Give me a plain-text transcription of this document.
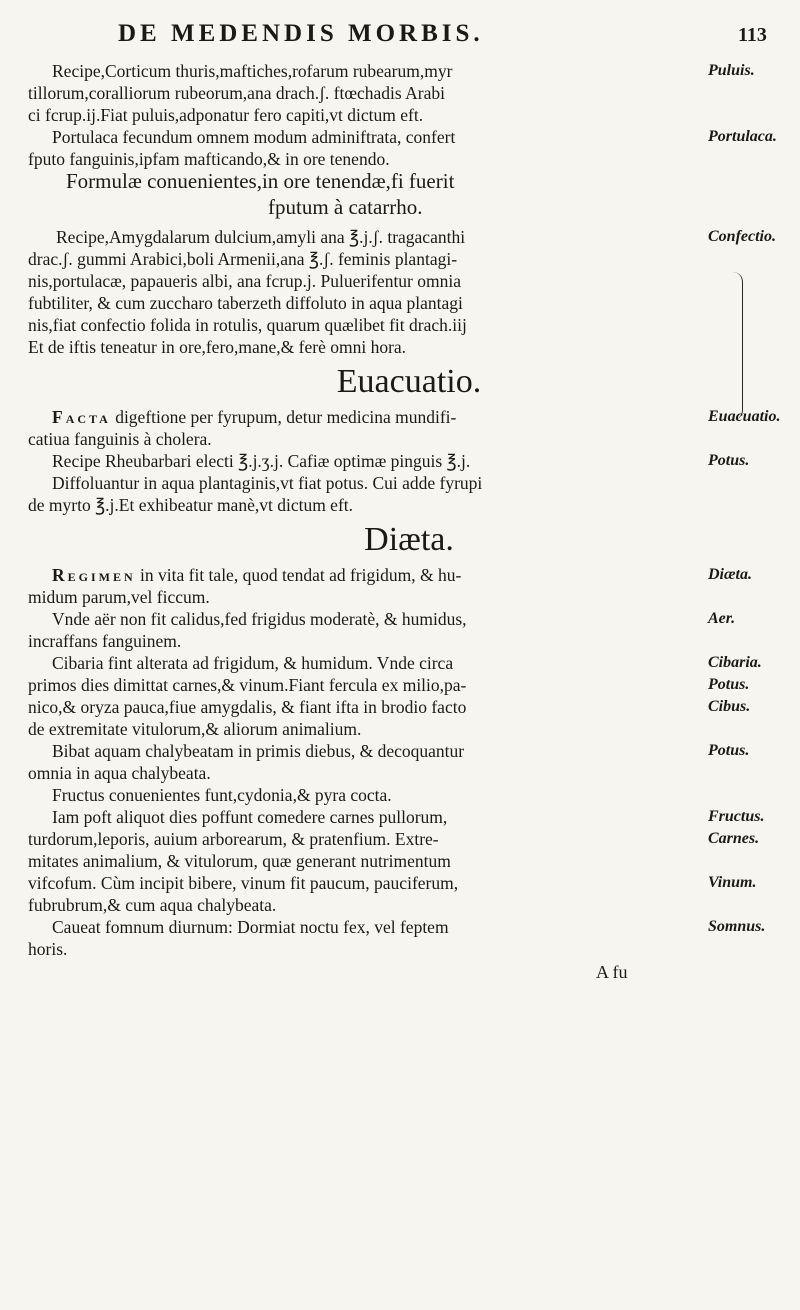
DE MEDENDIS MORBIS.	113
Recipe,Corticum thuris,maftiches,rofarum rubearum,myr	Puluis.
tillorum,coralliorum rubeorum,ana drach.ʃ. ftœchadis Arabi
ci fcrup.ij.Fiat puluis,adponatur fero capiti,vt dictum eft.
Portulaca fecundum omnem modum adminiftrata, confert	Portulaca.
fputo fanguinis,ipfam mafticando,& in ore tenendo.
Formulæ conuenientes,in ore tenendæ,fi fuerit
fputum à catarrho.
Recipe,Amygdalarum dulcium,amyli ana ℥.j.ʃ. tragacanthi	Confectio.
drac.ʃ. gummi Arabici,boli Armenii,ana ℥.ʃ. feminis plantagi-
nis,portulacæ, papaueris albi, ana fcrup.j. Puluerifentur omnia
fubtiliter, & cum zuccharo taberzeth diffoluto in aqua plantagi
nis,fiat confectio folida in rotulis, quarum quælibet fit drach.iij
Et de iftis teneatur in ore,fero,mane,& ferè omni hora.
Euacuatio.
Facta digeftione per fyrupum, detur medicina mundifi-	Euacuatio.
catiua fanguinis à cholera.
Recipe Rheubarbari electi ℥.j.ʒ.j. Cafiæ optimæ pinguis ℥.j.	Potus.
Diffoluantur in aqua plantaginis,vt fiat potus. Cui adde fyrupi
de myrto ℥.j.Et exhibeatur manè,vt dictum eft.
Diæta.
Regimen in vita fit tale, quod tendat ad frigidum, & hu-	Diæta.
midum parum,vel ficcum.
Vnde aër non fit calidus,fed frigidus moderatè, & humidus,	Aer.
incraffans fanguinem.
Cibaria fint alterata ad frigidum, & humidum. Vnde circa	Cibaria.
primos dies dimittat carnes,& vinum.Fiant fercula ex milio,pa-	Potus.
nico,& oryza pauca,fiue amygdalis, & fiant ifta in brodio facto	Cibus.
de extremitate vitulorum,& aliorum animalium.
Bibat aquam chalybeatam in primis diebus, & decoquantur	Potus.
omnia in aqua chalybeata.
Fructus conuenientes funt,cydonia,& pyra cocta.
Iam poft aliquot dies poffunt comedere carnes pullorum,	Fructus.
turdorum,leporis, auium arborearum, & pratenfium. Extre-	Carnes.
mitates animalium, & vitulorum, quæ generant nutrimentum
vifcofum. Cùm incipit bibere, vinum fit paucum, pauciferum,	Vinum.
fubrubrum,& cum aqua chalybeata.
Caueat fomnum diurnum: Dormiat noctu fex, vel feptem	Somnus.
horis.
A fu
